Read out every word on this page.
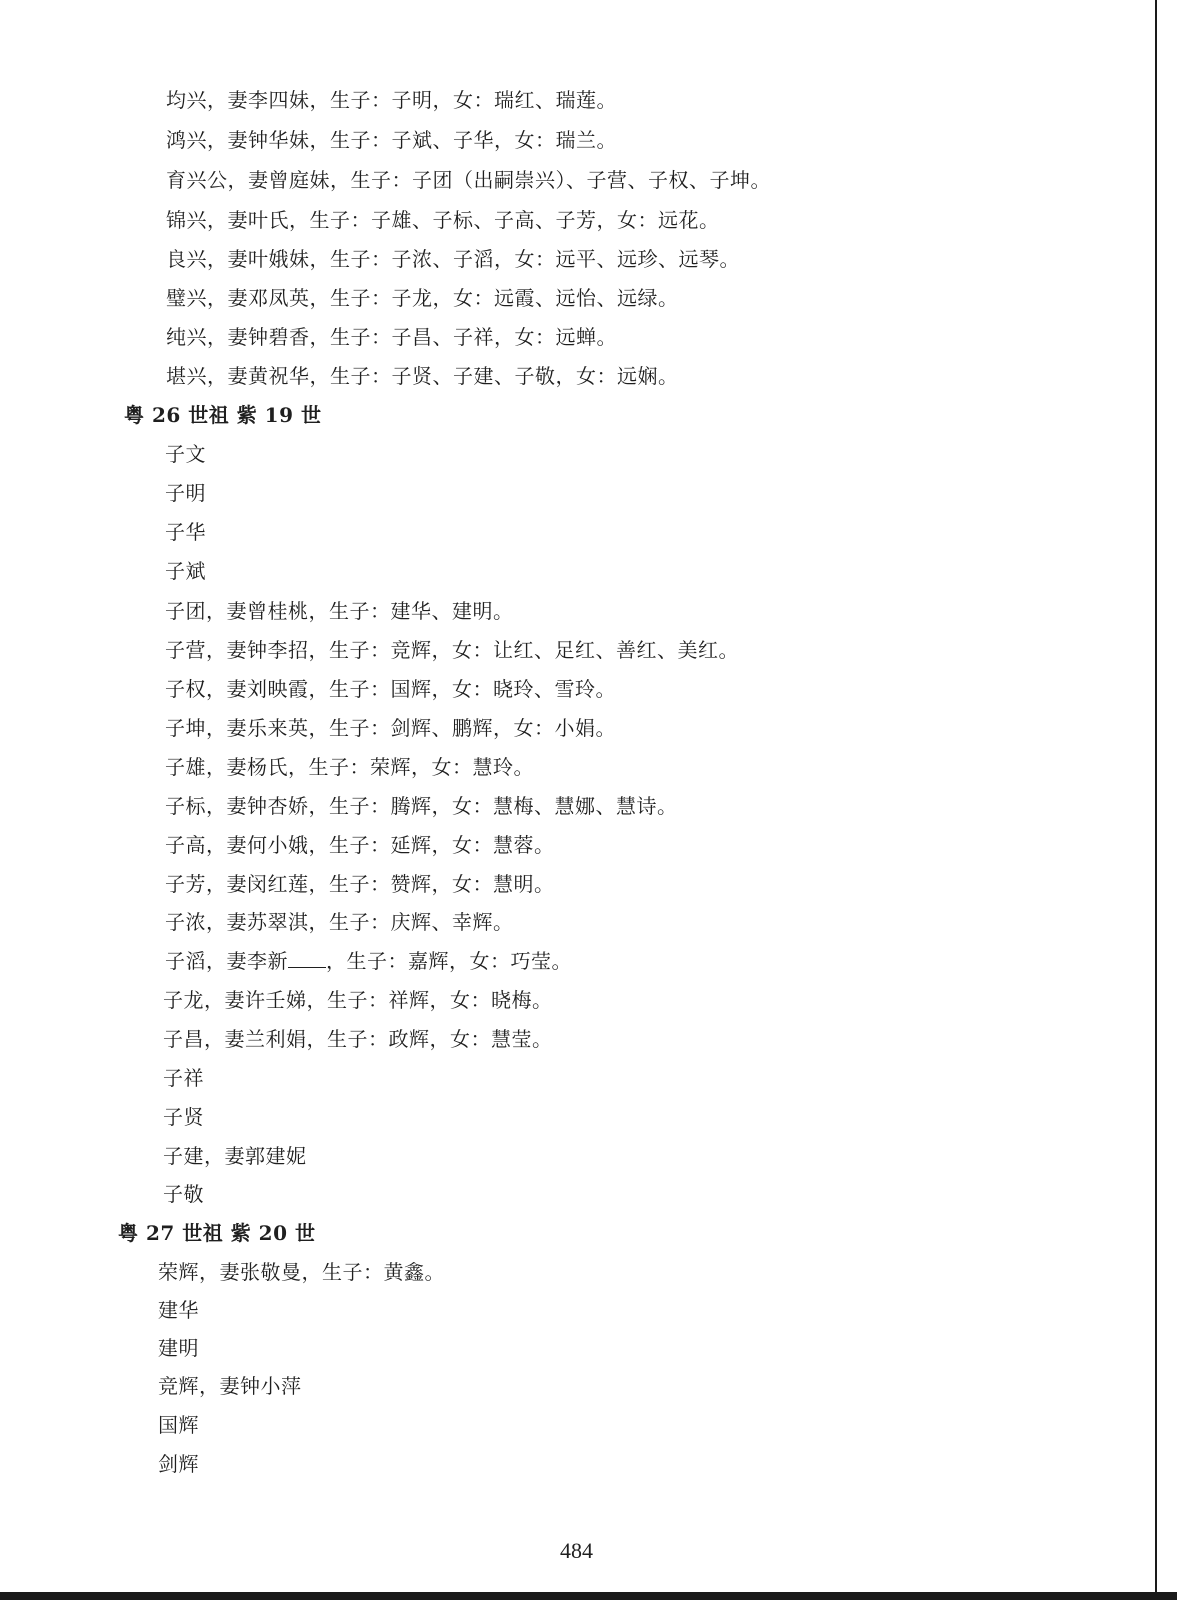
均兴，妻李四妹，生子：子明，女：瑞红、瑞莲。
鸿兴，妻钟华妹，生子：子斌、子华，女：瑞兰。
育兴公，妻曾庭妹，生子：子团（出嗣崇兴）、子营、子权、子坤。
锦兴，妻叶氏，生子：子雄、子标、子高、子芳，女：远花。
良兴，妻叶娥妹，生子：子浓、子滔，女：远平、远珍、远琴。
璧兴，妻邓凤英，生子：子龙，女：远霞、远怡、远绿。
纯兴，妻钟碧香，生子：子昌、子祥，女：远蝉。
堪兴，妻黄祝华，生子：子贤、子建、子敬，女：远娴。
粤 26 世祖 紫 19 世
子文
子明
子华
子斌
子团，妻曾桂桃，生子：建华、建明。
子营，妻钟李招，生子：竞辉，女：让红、足红、善红、美红。
子权，妻刘映霞，生子：国辉，女：晓玲、雪玲。
子坤，妻乐来英，生子：剑辉、鹏辉，女：小娟。
子雄，妻杨氏，生子：荣辉，女：慧玲。
子标，妻钟杏娇，生子：腾辉，女：慧梅、慧娜、慧诗。
子高，妻何小娥，生子：延辉，女：慧蓉。
子芳，妻闵红莲，生子：赞辉，女：慧明。
子浓，妻苏翠淇，生子：庆辉、幸辉。
子滔，妻李新 ，生子：嘉辉，女：巧莹。
子龙，妻许壬娣，生子：祥辉，女：晓梅。
子昌，妻兰利娟，生子：政辉，女：慧莹。
子祥
子贤
子建，妻郭建妮
子敬
粤 27 世祖 紫 20 世
荣辉，妻张敬曼，生子：黄鑫。
建华
建明
竞辉，妻钟小萍
国辉
剑辉
484
